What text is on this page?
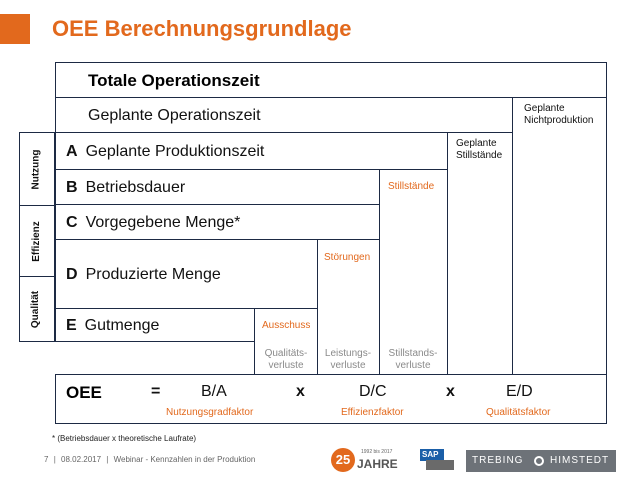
OEE Berechnungsgrundlage
Totale Operationszeit
Geplante Operationszeit	Geplante Nichtproduktion
Nutzung
Effizienz
Qualität
A Geplante Produktionszeit	Geplante Stillstände
B Betriebsdauer	Stillstände
C Vorgegebene Menge*
D Produzierte Menge
Störungen
E Gutmenge	Ausschuss
Qualitäts-verluste
Leistungs-verluste
Stillstands-verluste
OEE	=	B/A	x	D/C	x	E/D
Nutzungsgradfaktor	Effizienzfaktor	Qualitätsfaktor
* (Betriebsdauer x theoretische Laufrate)
7 | 08.02.2017 | Webinar - Kennzahlen in der Produktion	25	1992 bis 2017
JAHRE
SAP
TREBING	HIMSTEDT
